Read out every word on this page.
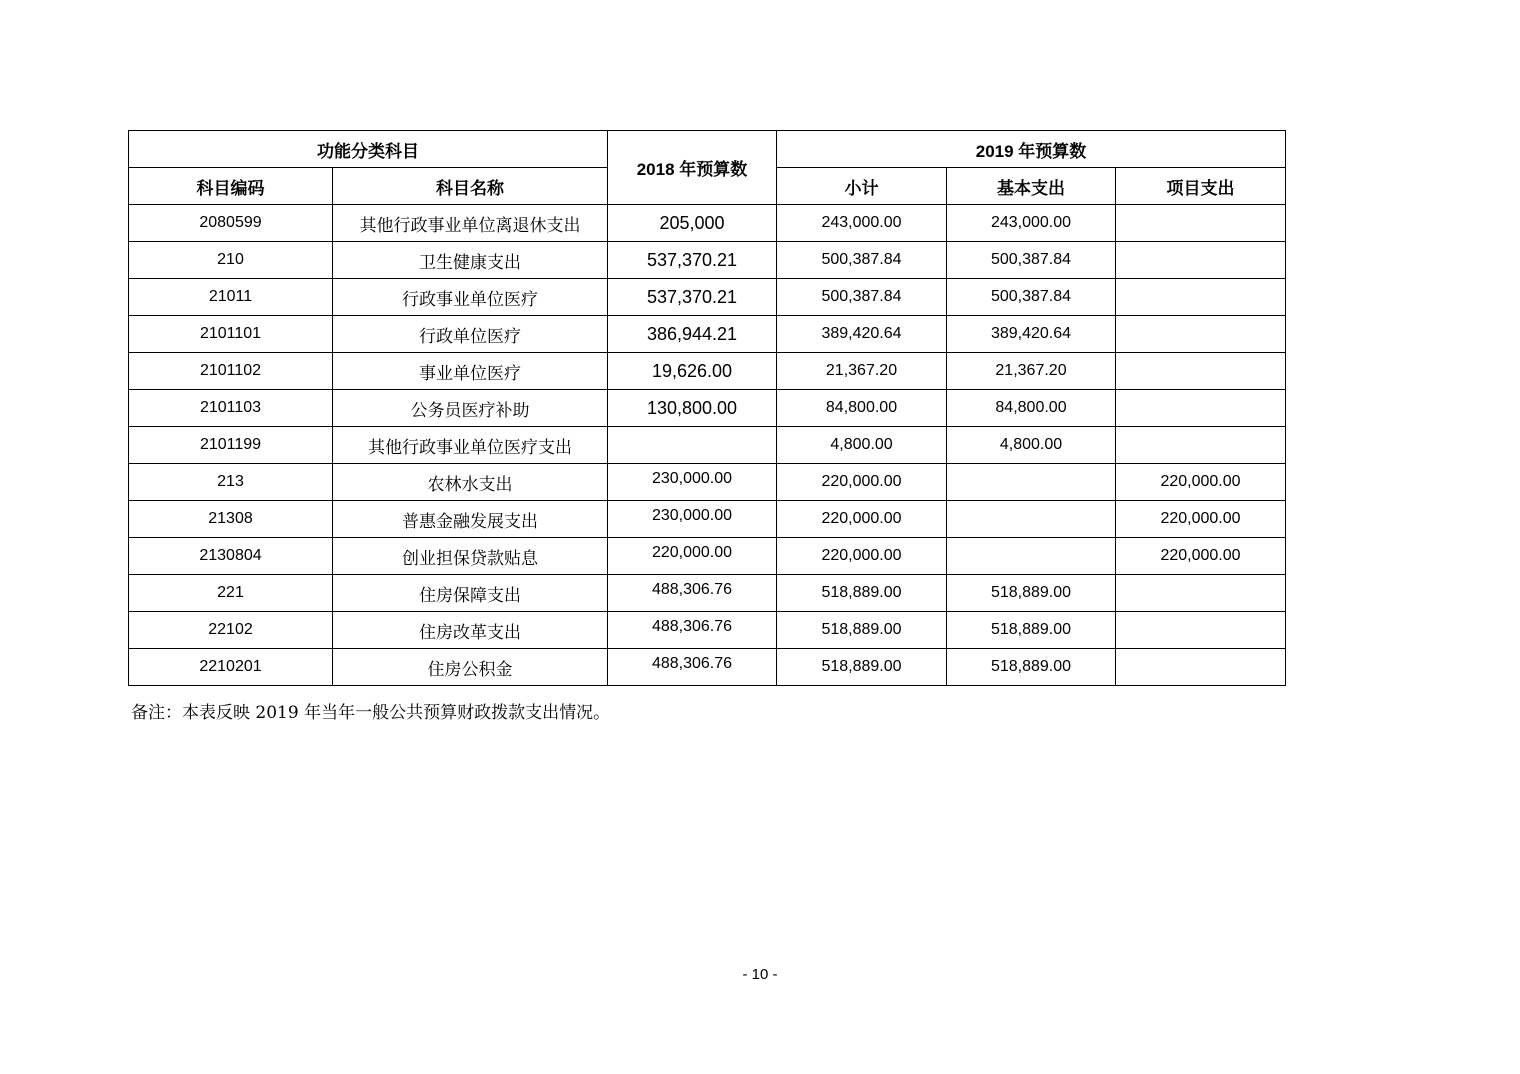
功能分类科目		2018 年预算数	2019 年预算数		
科目编码	科目名称		小计	基本支出	项目支出
2080599	其他行政事业单位离退休支出	205,000	243,000.00	243,000.00	
210	卫生健康支出	537,370.21	500,387.84	500,387.84	
21011	行政事业单位医疗	537,370.21	500,387.84	500,387.84	
2101101	行政单位医疗	386,944.21	389,420.64	389,420.64	
2101102	事业单位医疗	19,626.00	21,367.20	21,367.20	
2101103	公务员医疗补助	130,800.00	84,800.00	84,800.00	
2101199	其他行政事业单位医疗支出		4,800.00	4,800.00	
213	农林水支出	230,000.00	220,000.00		220,000.00
21308	普惠金融发展支出	230,000.00	220,000.00		220,000.00
2130804	创业担保贷款贴息	220,000.00	220,000.00		220,000.00
221	住房保障支出	488,306.76	518,889.00	518,889.00	
22102	住房改革支出	488,306.76	518,889.00	518,889.00	
2210201	住房公积金	488,306.76	518,889.00	518,889.00	
备注：本表反映 2019 年当年一般公共预算财政拨款支出情况。
- 10 -
